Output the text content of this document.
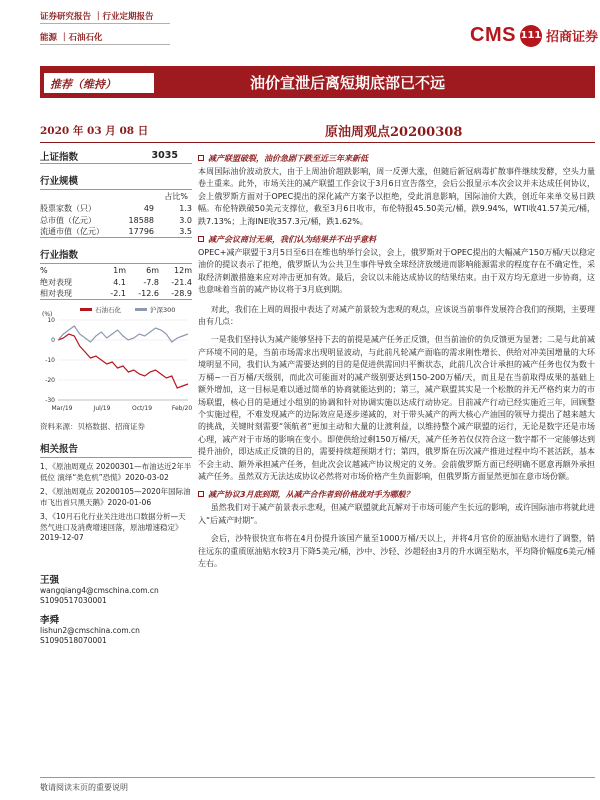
证券研究报告 ｜行业定期报告
能源 ｜石油石化	CMS 111 招商证券
推荐（维持）	油价宣泄后离短期底部已不远
2020 年 03 月 08 日	原油周观点20200308
上证指数	3035
行业规模
占比%
股票家数（只）	49	1.3
总市值（亿元）	18588	3.0
流通市值（亿元）	17796	3.5
行业指数
%	1m	6m	12m
绝对表现	4.1	-7.8	-21.4
相对表现	-2.1	-12.6	-28.9
石油石化	沪深300
(%)
10
0
-10
-20
-30
Mar/19	Jul/19	Oct/19	Feb/20
资料来源：贝格数据、招商证券
相关报告
1、《原油周观点 20200301—布油达近2年半低位 演绎“类危机”恐慌》2020-03-02
2、《原油周观点 20200105—2020年国际油市飞出首只黑天鹅》2020-01-06
3、《10月石化行业关注进出口数据分析—天然气进口及消费增速回落，原油增速稳定》2019-12-07
王强
wangqiang4@cmschina.com.cn
S1090517030001
李舜
lishun2@cmschina.com.cn
S1090518070001
减产联盟破裂，油价急剧下跌至近三年来新低

本周国际油价波动放大，由于上周油价超跌影响，周一反弹大涨，但随后新冠病毒扩散事件继续发酵，空头力量卷土重来。此外，市场关注的减产联盟工作会议于3月6日宣告落空，会后公报显示本次会议并未达成任何协议，会上俄罗斯方面对于OPEC提出的深化减产方案予以拒绝，受此消息影响，国际油价大跌，创近年来单交易日跌幅。布伦特跌破50美元支撑位，截至3月6日收市，布伦特报45.50美元/桶，跌9.94%，WTI收41.57美元/桶，跌7.13%；上海INE收357.3元/桶，跌1.62%。

减产会议商讨无果，我们认为结果并不出乎意料

OPEC+减产联盟于3月5日至6日在维也纳举行会议，会上，俄罗斯对于OPEC提出的大幅减产150万桶/天以稳定油价的提议表示了拒绝，俄罗斯认为公共卫生事件导致全球经济放缓进而影响能源需求的程度存在不确定性，采取经济刺激措施来应对冲击更加有效。最后，会议以未能达成协议的结果结束。由于双方均无意进一步协商，这也意味着当前的减产协议将于3月底到期。

对此，我们在上周的周报中表达了对减产前景较为悲观的观点，应该说当前事件发展符合我们的预期，主要理由有几点：

一是我们坚持认为减产能够坚持下去的前提是减产任务正反馈，但当前油价的负反馈更为显著；二是与此前减产环境不同的是，当前市场需求出现明显波动，与此前凡轮减产面临的需求刚性增长、供给对冲美国增量的大环境明显不同，我们认为减产需要达到的目的是促进供需回归平衡状态，此前几次合计承担的减产任务也仅为数十万桶~一百万桶/天级别，而此次可能面对的减产级别要达到150-200万桶/天，而且是在当前取得成果的基础上额外增加，这一目标是难以通过简单的协商就能达到的；第三，减产联盟其实是一个松散的并无严格约束力的市场联盟，核心目的是通过小组别的协调和针对协调实施以达成行动协定。目前减产行动已经实施近三年，回顾整个实施过程，不难发现减产的边际效应是逐步递减的，对于带头减产的两大核心产油国的领导力提出了越来越大的挑战，关键时刻需要“领航者”更加主动和大量的让渡利益，以维持整个减产联盟的运行，无论是数字还是市场心理，减产对于市场的影响在变小。即使供给过剩150万桶/天，减产任务若仅仅符合这一数字都不一定能够达到提升油价，即达成正反馈的目的，需要持续超预期才行；第四，俄罗斯在历次减产推进过程中均不甚活跃，基本不会主动、额外承担减产任务，但此次会议越减产协议规定的义务。会前俄罗斯方面已经明确不愿意再额外承担减产任务。虽然双方无法达成协议必然将对市场价格产生负面影响，但俄罗斯方面显然更加在意市场份额。

减产协议3月底到期，从减产合作者到价格战对手为哪般？

虽然我们对于减产前景表示悲观，但减产联盟就此瓦解对于市场可能产生长远的影响，或许国际油市将就此进入“后减产时期”。

会后，沙特很快宣布将在4月份提升该国产量至1000万桶/天以上，并将4月官价的原油贴水进行了调整，销往远东的重质原油贴水较3月下降5美元/桶，沙中、沙轻、沙超轻由3月的升水调至贴水，平均降价幅度6美元/桶左右。

敬请阅读末页的重要说明
